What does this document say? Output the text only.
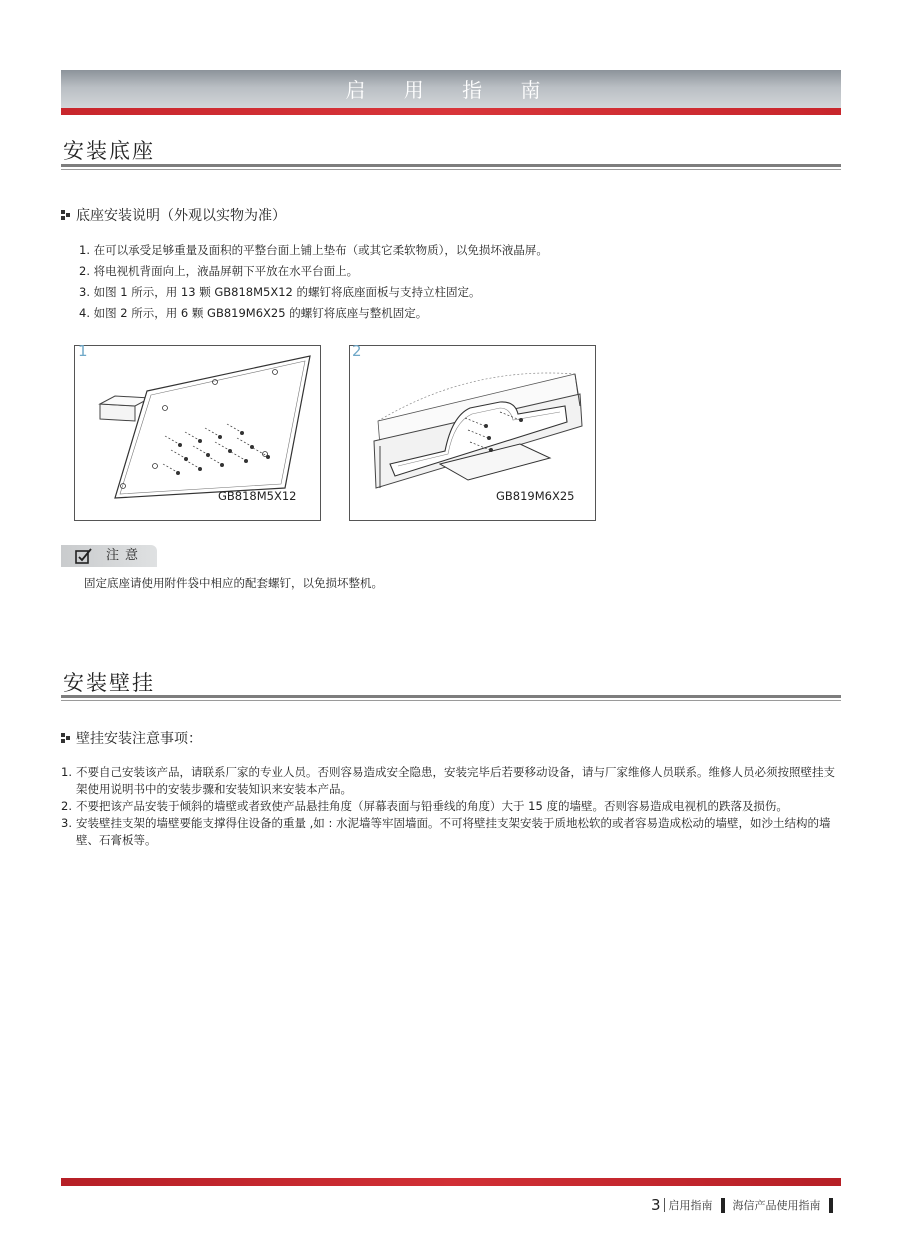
启 用 指 南
安装底座
底座安装说明（外观以实物为准）
1. 在可以承受足够重量及面积的平整台面上铺上垫布（或其它柔软物质），以免损坏液晶屏。
2. 将电视机背面向上，液晶屏朝下平放在水平台面上。
3. 如图 1 所示，用 13 颗 GB818M5X12 的螺钉将底座面板与支持立柱固定。
4. 如图 2 所示，用 6 颗 GB819M6X25 的螺钉将底座与整机固定。
GB818M5X12
1
GB819M6X25
2
注意
固定底座请使用附件袋中相应的配套螺钉，以免损坏整机。
安装壁挂
壁挂安装注意事项：
1. 不要自己安装该产品，请联系厂家的专业人员。否则容易造成安全隐患，安装完毕后若要移动设备，请与厂家维修人员联系。维修人员必须按照壁挂支架使用说明书中的安装步骤和安装知识来安装本产品。
2. 不要把该产品安装于倾斜的墙壁或者致使产品悬挂角度（屏幕表面与铅垂线的角度）大于 15 度的墙壁。否则容易造成电视机的跌落及损伤。
3. 安装壁挂支架的墙壁要能支撑得住设备的重量 ,如 : 水泥墙等牢固墙面。不可将壁挂支架安装于质地松软的或者容易造成松动的墙壁，如沙土结构的墙壁、石膏板等。
3 启用指南 海信产品使用指南
